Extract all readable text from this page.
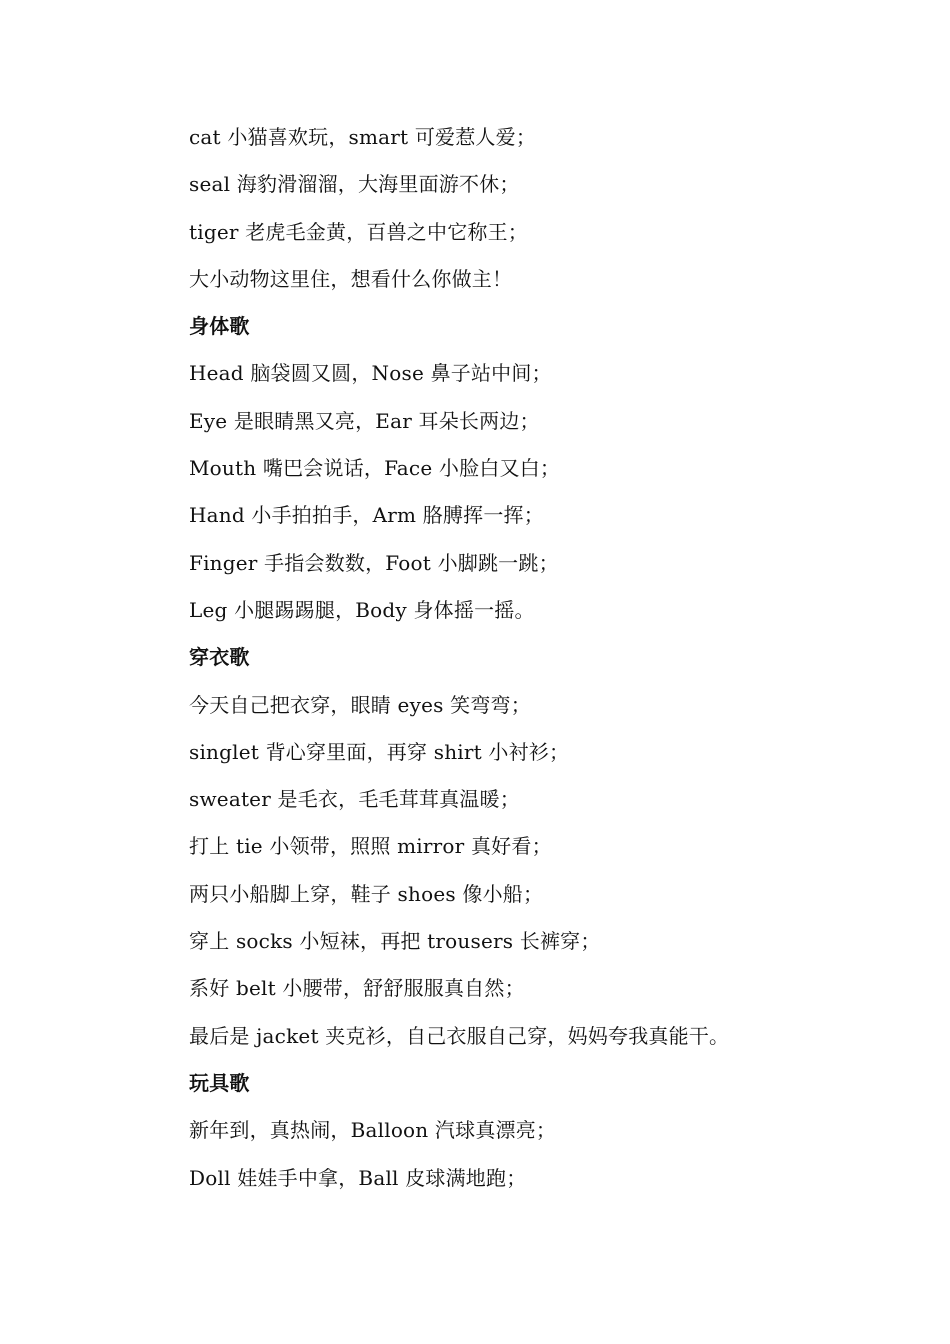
cat 小猫喜欢玩，smart 可爱惹人爱；
seal 海豹滑溜溜，大海里面游不休；
tiger 老虎毛金黄，百兽之中它称王；
大小动物这里住，想看什么你做主！
身体歌
Head 脑袋圆又圆，Nose 鼻子站中间；
Eye 是眼睛黑又亮，Ear 耳朵长两边；
Mouth 嘴巴会说话，Face 小脸白又白；
Hand 小手拍拍手，Arm 胳膊挥一挥；
Finger 手指会数数，Foot 小脚跳一跳；
Leg 小腿踢踢腿，Body 身体摇一摇。
穿衣歌
今天自己把衣穿，眼睛 eyes 笑弯弯；
singlet 背心穿里面，再穿 shirt 小衬衫；
sweater 是毛衣，毛毛茸茸真温暖；
打上 tie 小领带，照照 mirror 真好看；
两只小船脚上穿，鞋子 shoes 像小船；
穿上 socks 小短袜，再把 trousers 长裤穿；
系好 belt 小腰带，舒舒服服真自然；
最后是 jacket 夹克衫，自己衣服自己穿，妈妈夸我真能干。
玩具歌
新年到，真热闹，Balloon 汽球真漂亮；
Doll 娃娃手中拿，Ball 皮球满地跑；
